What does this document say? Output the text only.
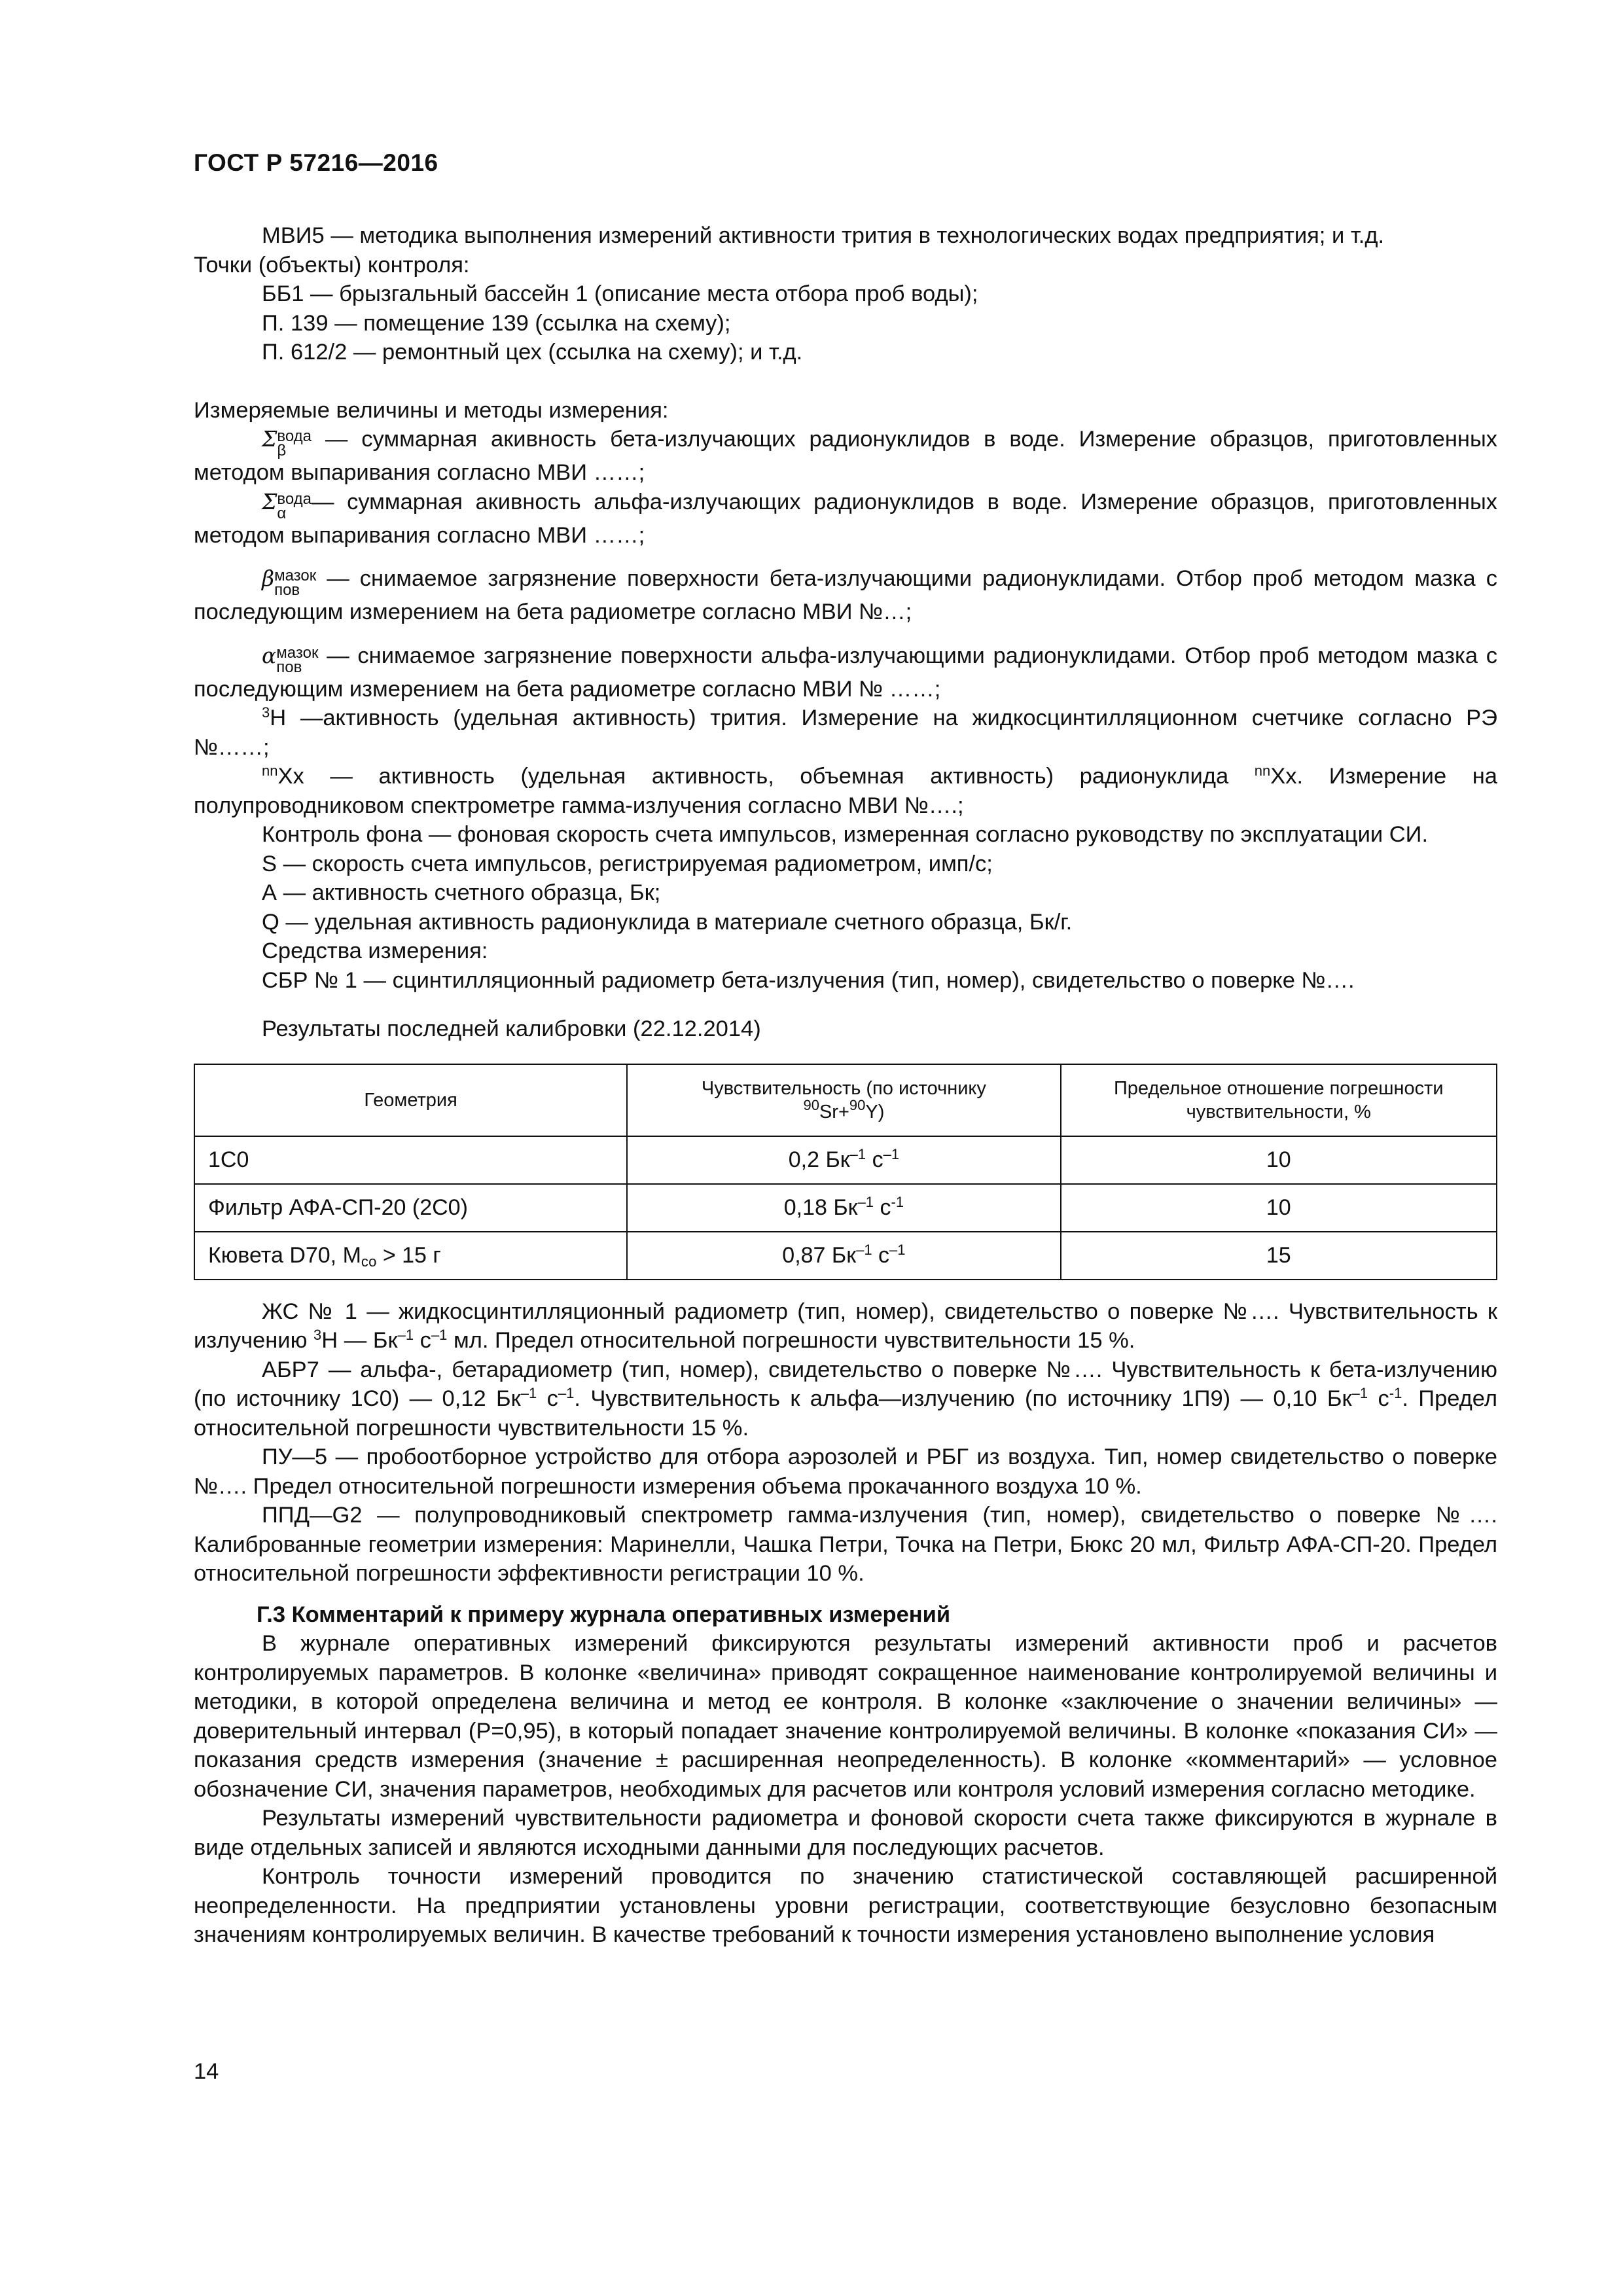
ГОСТ Р 57216—2016

МВИ5 — методика выполнения измерений активности трития в технологических водах предприятия; и т.д.

Точки (объекты) контроля:

ББ1 — брызгальный бассейн 1 (описание места отбора проб воды);

П. 139 — помещение 139 (ссылка на схему);

П. 612/2 — ремонтный цех (ссылка на схему); и т.д.

Измеряемые величины и методы измерения:

Σ вода
β	— суммарная акивность бета-излучающих радионуклидов в воде. Измерение образцов, приготовленных методом выпаривания согласно МВИ ……;

Σ вода
α	— суммарная акивность альфа-излучающих радионуклидов в воде. Измерение образцов, приготовленных методом выпаривания согласно МВИ ……;

β мазок
пов — снимаемое загрязнение поверхности бета-излучающими радионуклидами. Отбор проб методом мазка с последующим измерением на бета радиометре согласно МВИ №…;

α мазок
пов — снимаемое загрязнение поверхности альфа-излучающими радионуклидами. Отбор проб методом мазка с последующим измерением на бета радиометре согласно МВИ № ……;

$^3$Н —активность (удельная активность) трития. Измерение на жидкосцинтилляционном счетчике согласно РЭ №……;

$^{nn}$Хх — активность (удельная активность, объемная активность) радионуклида $^{nn}$Хх. Измерение на полупроводниковом спектрометре гамма-излучения согласно МВИ №….;

Контроль фона — фоновая скорость счета импульсов, измеренная согласно руководству по эксплуатации СИ.

S — скорость счета импульсов, регистрируемая радиометром, имп/с;

А — активность счетного образца, Бк;

Q — удельная активность радионуклида в материале счетного образца, Бк/г.

Средства измерения:

СБР № 1 — сцинтилляционный радиометр бета-излучения (тип, номер), свидетельство о поверке №….

Результаты последней калибровки (22.12.2014)

Геометрия	Чувствительность (по источнику
$^{90}$Sr+$^{90}$Y)	Предельное отношение погрешности чувствительности, %
1С0	0,2 $Бк^{-1}$ $с^{-1}$	10
Фильтр АФА-СП-20 (2С0)	0,18 $Бк^{-1}$ $с^{-1}$	10
Кювета D70, $M_{со} > 15$ г	0,87 $Бк^{-1}$ $с^{-1}$	15

ЖС № 1 — жидкосцинтилляционный радиометр (тип, номер), свидетельство о поверке №…. Чувствительность к излучению $^3$Н — $Бк^{-1}$ $с^{-1}$ мл. Предел относительной погрешности чувствительности 15 %.

АБР7 — альфа-, бетарадиометр (тип, номер), свидетельство о поверке №…. Чувствительность к бета-излучению (по источнику 1С0) — 0,12 $Бк^{-1}$ $с^{-1}$. Чувствительность к альфа—излучению (по источнику 1П9) — 0,10 $Бк^{-1}$ $с^{-1}$. Предел относительной погрешности чувствительности 15 %.

ПУ—5 — пробоотборное устройство для отбора аэрозолей и РБГ из воздуха. Тип, номер свидетельство о поверке №…. Предел относительной погрешности измерения объема прокачанного воздуха 10 %.

ППД—G2 — полупроводниковый спектрометр гамма-излучения (тип, номер), свидетельство о поверке №…. Калиброванные геометрии измерения: Маринелли, Чашка Петри, Точка на Петри, Бюкс 20 мл, Фильтр АФА-СП-20. Предел относительной погрешности эффективности регистрации 10 %.

Г.3 Комментарий к примеру журнала оперативных измерений

В журнале оперативных измерений фиксируются результаты измерений активности проб и расчетов контролируемых параметров. В колонке «величина» приводят сокращенное наименование контролируемой величины и методики, в которой определена величина и метод ее контроля. В колонке «заключение о значении величины» — доверительный интервал (Р=0,95), в который попадает значение контролируемой величины. В колонке «показания СИ» — показания средств измерения (значение ± расширенная неопределенность). В колонке «комментарий» — условное обозначение СИ, значения параметров, необходимых для расчетов или контроля условий измерения согласно методике.

Результаты измерений чувствительности радиометра и фоновой скорости счета также фиксируются в журнале в виде отдельных записей и являются исходными данными для последующих расчетов.

Контроль точности измерений проводится по значению статистической составляющей расширенной неопределенности. На предприятии установлены уровни регистрации, соответствующие безусловно безопасным значениям контролируемых величин. В качестве требований к точности измерения установлено выполнение условия

14
